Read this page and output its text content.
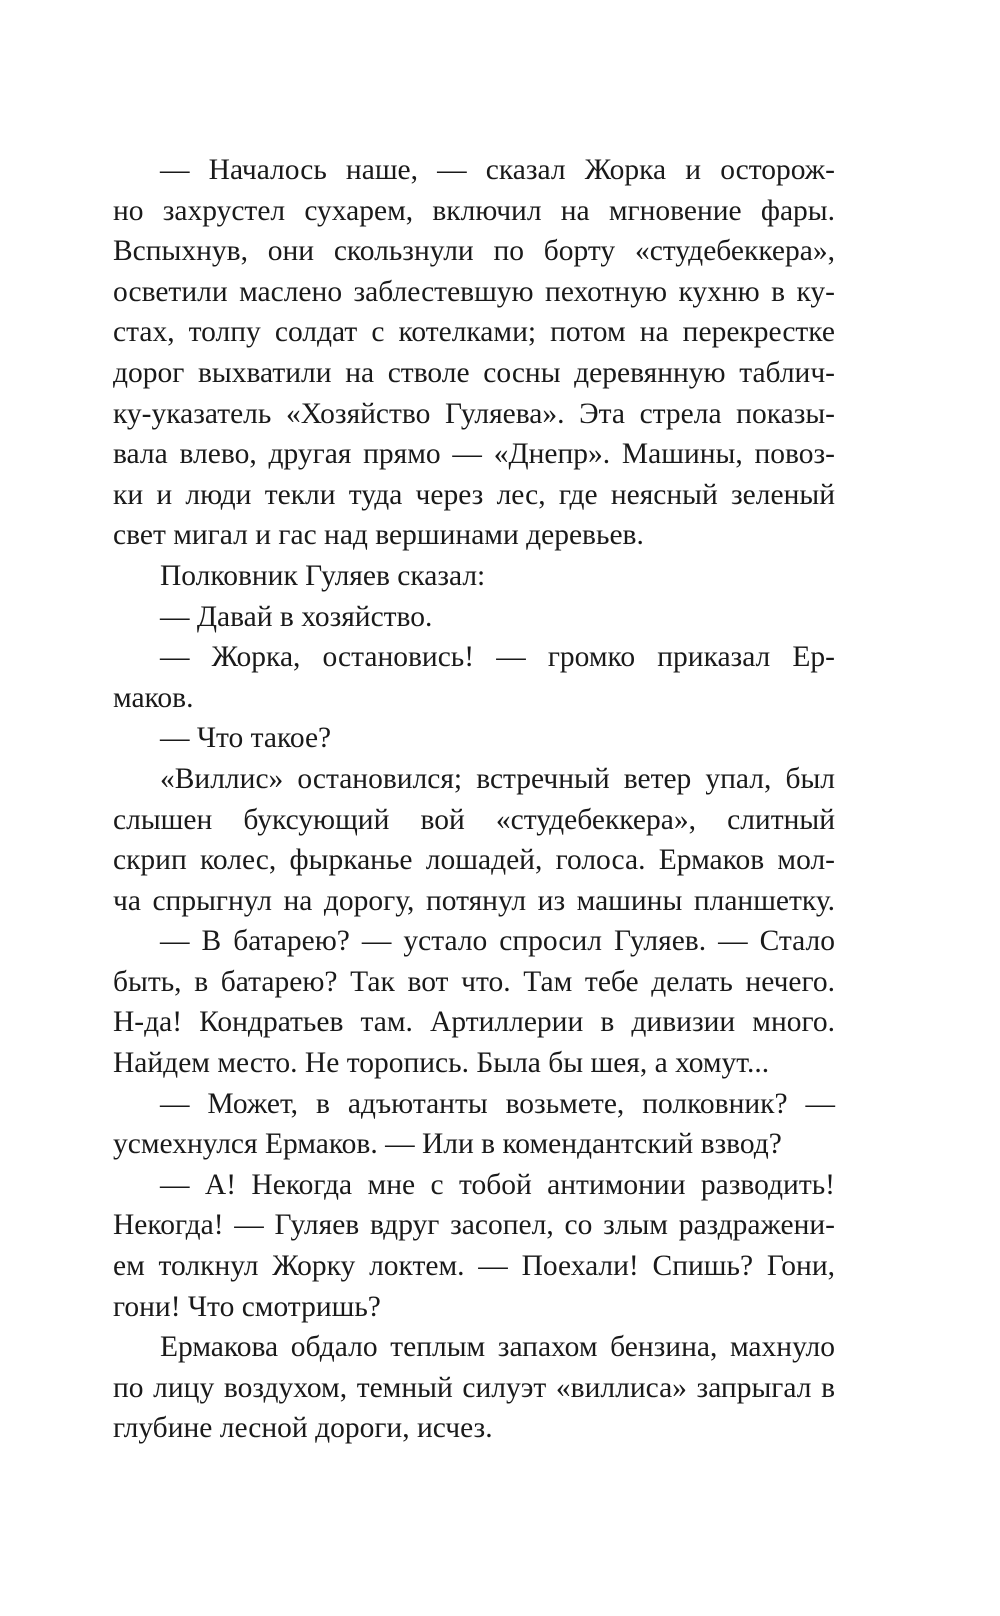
— Началось наше, — сказал Жорка и осторож-
но захрустел сухарем, включил на мгновение фары.
Вспыхнув, они скользнули по борту «студебеккера»,
осветили маслено заблестевшую пехотную кухню в ку-
стах, толпу солдат с котелками; потом на перекрестке
дорог выхватили на стволе сосны деревянную таблич-
ку-указатель «Хозяйство Гуляева». Эта стрела показы-
вала влево, другая прямо — «Днепр». Машины, повоз-
ки и люди текли туда через лес, где неясный зеленый
свет мигал и гас над вершинами деревьев.
Полковник Гуляев сказал:
— Давай в хозяйство.
— Жорка, остановись! — громко приказал Ер-
маков.
— Что такое?
«Виллис» остановился; встречный ветер упал, был
слышен буксующий вой «студебеккера», слитный
скрип колес, фырканье лошадей, голоса. Ермаков мол-
ча спрыгнул на дорогу, потянул из машины планшетку.
— В батарею? — устало спросил Гуляев. — Стало
быть, в батарею? Так вот что. Там тебе делать нечего.
Н-да! Кондратьев там. Артиллерии в дивизии много.
Найдем место. Не торопись. Была бы шея, а хомут...
— Может, в адъютанты возьмете, полковник? —
усмехнулся Ермаков. — Или в комендантский взвод?
— А! Некогда мне с тобой антимонии разводить!
Некогда! — Гуляев вдруг засопел, со злым раздражени-
ем толкнул Жорку локтем. — Поехали! Спишь? Гони,
гони! Что смотришь?
Ермакова обдало теплым запахом бензина, махнуло
по лицу воздухом, темный силуэт «виллиса» запрыгал в
глубине лесной дороги, исчез.
